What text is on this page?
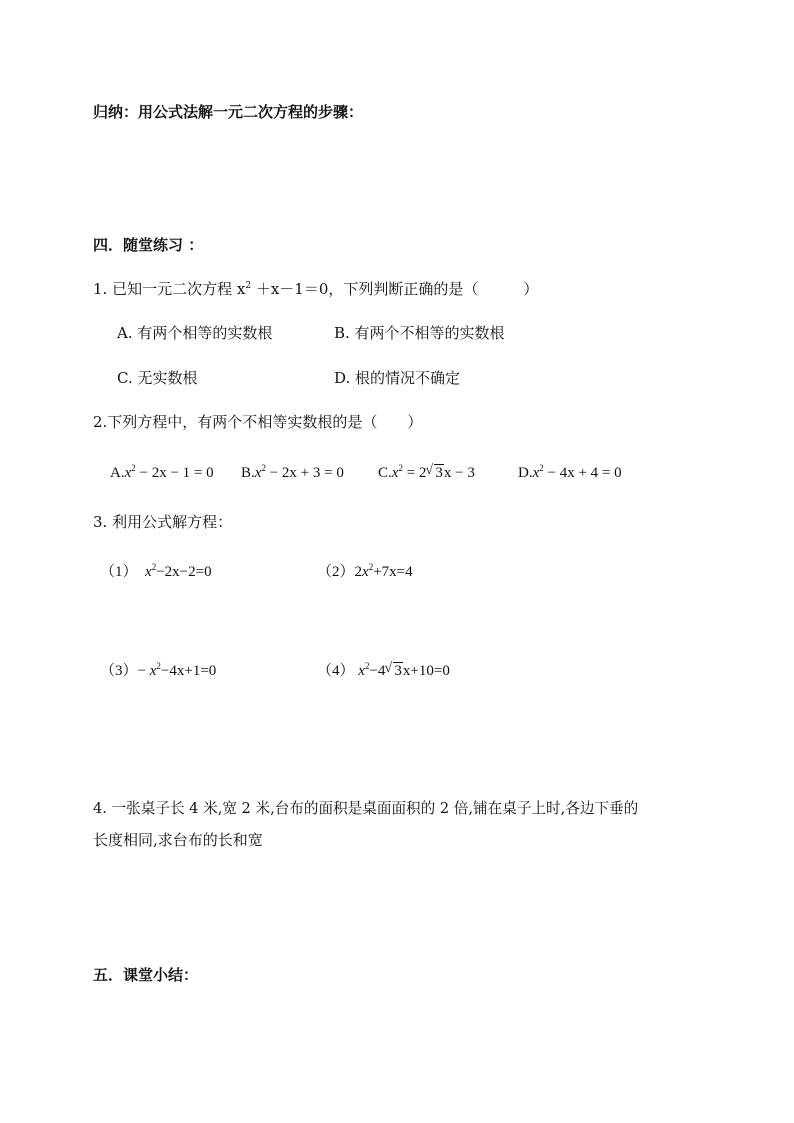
归纳：用公式法解一元二次方程的步骤：
四．随堂练习 ：
1. 已知一元二次方程 $x^2 +x-1=0$，下列判断正确的是（　　　）
A. 有两个相等的实数根	B. 有两个不相等的实数根
C. 无实数根	D. 根的情况不确定
2.下列方程中，有两个不相等实数根的是（　　）
$A.x^2 - 2x - 1 = 0$ $B.x^2 - 2x + 3 = 0$ $C.x^2 = 2√$ 3x − 3	$D.x^2 - 4x + 4 = 0$
3. 利用公式解方程：
（1） $x^2-2x-2=0$	$(2)2x^2+7x=4$
$(3)- x^2-4x+1=0$	（4） $x^2-4√$ 3x+10=0
4. 一张桌子长 4 米,宽 2 米,台布的面积是桌面面积的 2 倍,铺在桌子上时,各边下垂的
长度相同,求台布的长和宽
五．课堂小结：
